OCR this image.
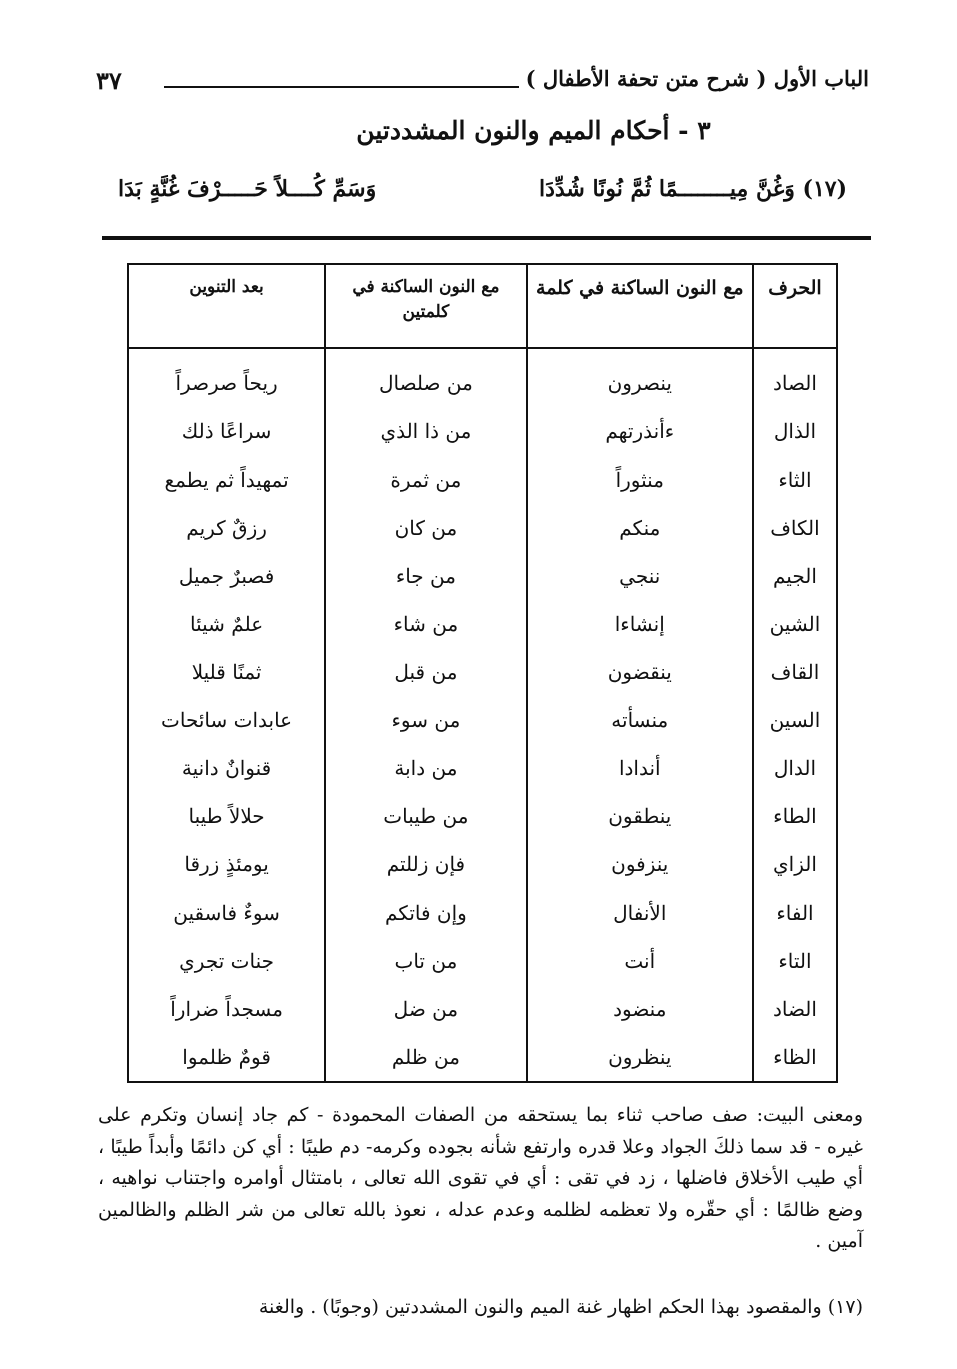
الباب الأول ( شرح متن تحفة الأطفال )
٣٧
٣ - أحكام الميم والنون المشددتين
(١٧) وَغُنَّ مِيــــــــمًا ثُمَّ نُونًا شُدِّدَا
وَسَمِّ كُــــلاً حَـــــرْفَ غُنَّةٍ بَدَا
الحرف	مع النون الساكنة في كلمة	مع النون الساكنة في كلمتين	بعد التنوين
الصاد	ينصرون	من صلصال	ريحاً صرصراً
الذال	ءأنذرتهم	من ذا الذي	سراعًا ذلك
الثاء	منثوراً	من ثمرة	تمهيداً ثم يطمع
الكاف	منكم	من كان	رزقٌ كريم
الجيم	ننجي	من جاء	فصبرٌ جميل
الشين	إنشاءا	من شاء	علمٌ شيئا
القاف	ينقضون	من قبل	ثمنًا قليلا
السين	منسأته	من سوء	عابدات سائحات
الدال	أندادا	من دابة	قنوانٌ دانية
الطاء	ينطقون	من طيبات	حلالاً طيبا
الزاي	ينزفون	فإن زللتم	يومئذٍ زرقا
الفاء	الأنفال	وإن فاتكم	سوءٌ فاسقين
التاء	أنت	من تاب	جنات تجري
الضاد	منضود	من ضل	مسجداً ضراراً
الظاء	ينظرون	من ظلم	قومٌ ظلموا

ومعنى البيت: صف صاحب ثناء بما يستحقه من الصفات المحمودة - كم جاد إنسان وتكرم على غيره - قد سما ذلكَ الجواد وعلا قدره وارتفع شأنه بجوده وكرمه- دم طيبًا : أي كن دائمًا وأبداً طيبًا ، أي طيب الأخلاق فاضلها ، زد في تقى : أي في تقوى الله تعالى ، بامتثال أوامره واجتناب نواهيه ، وضع ظالمًا : أي حقّره ولا تعظمه لظلمه وعدم عدله ، نعوذ بالله تعالى من شر الظلم والظالمين آمين .

(١٧) والمقصود بهذا الحكم اظهار غنة الميم والنون المشددتين (وجوبًا) . والغنة
